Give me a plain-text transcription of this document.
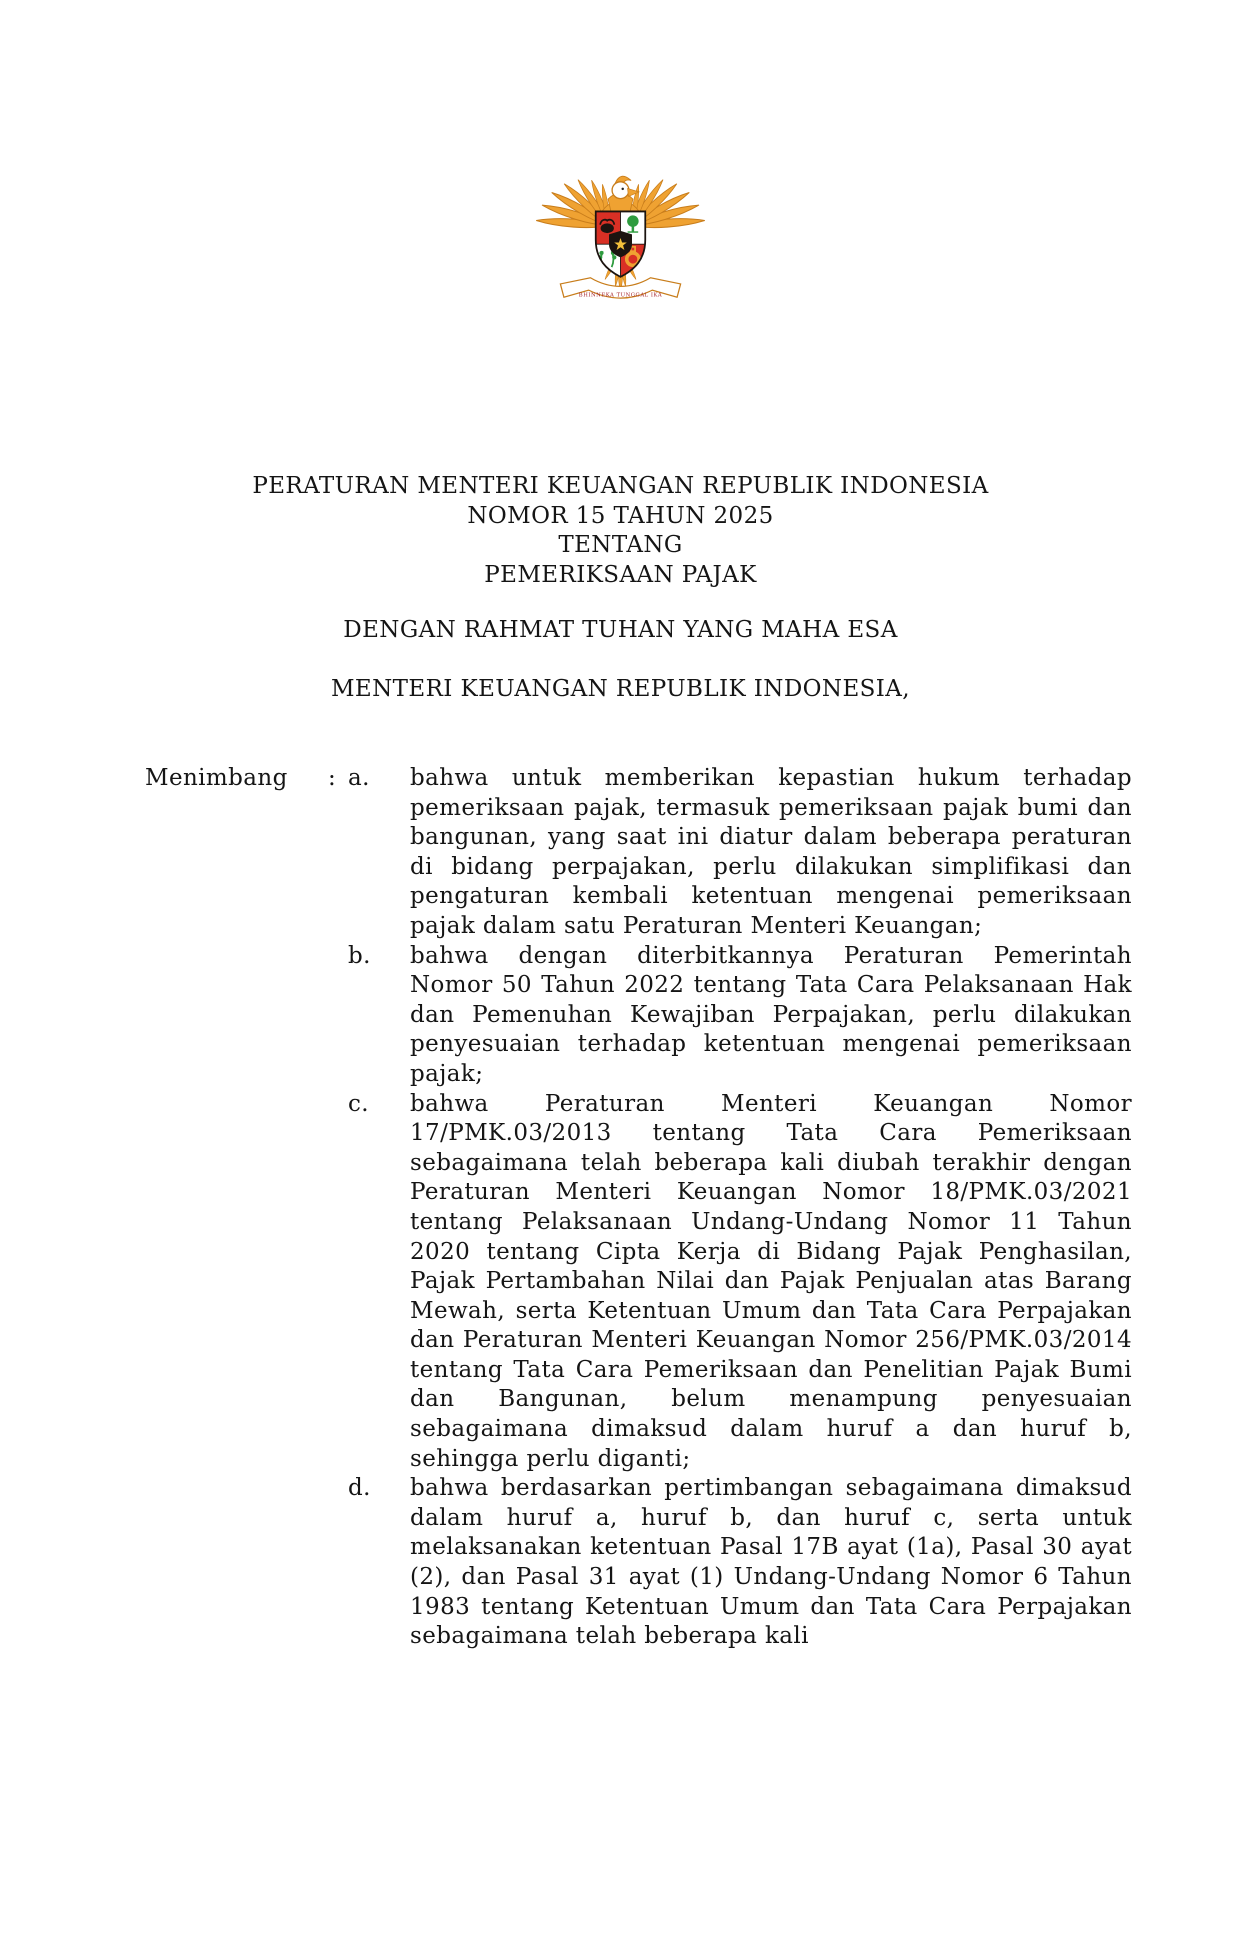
BHINNEKA TUNGGAL IKA
PERATURAN MENTERI KEUANGAN REPUBLIK INDONESIA
NOMOR 15 TAHUN 2025
TENTANG
PEMERIKSAAN PAJAK
DENGAN RAHMAT TUHAN YANG MAHA ESA
MENTERI KEUANGAN REPUBLIK INDONESIA,
Menimbang	: a.	bahwa untuk memberikan kepastian hukum terhadap pemeriksaan pajak, termasuk pemeriksaan pajak bumi dan bangunan, yang saat ini diatur dalam beberapa peraturan di bidang perpajakan, perlu dilakukan simplifikasi dan pengaturan kembali ketentuan mengenai pemeriksaan pajak dalam satu Peraturan Menteri Keuangan;
b.	bahwa dengan diterbitkannya Peraturan Pemerintah Nomor 50 Tahun 2022 tentang Tata Cara Pelaksanaan Hak dan Pemenuhan Kewajiban Perpajakan, perlu dilakukan penyesuaian terhadap ketentuan mengenai pemeriksaan pajak;
c.	bahwa Peraturan Menteri Keuangan Nomor 17/PMK.03/2013 tentang Tata Cara Pemeriksaan sebagaimana telah beberapa kali diubah terakhir dengan Peraturan Menteri Keuangan Nomor 18/PMK.03/2021 tentang Pelaksanaan Undang-Undang Nomor 11 Tahun 2020 tentang Cipta Kerja di Bidang Pajak Penghasilan, Pajak Pertambahan Nilai dan Pajak Penjualan atas Barang Mewah, serta Ketentuan Umum dan Tata Cara Perpajakan dan Peraturan Menteri Keuangan Nomor 256/PMK.03/2014 tentang Tata Cara Pemeriksaan dan Penelitian Pajak Bumi dan Bangunan, belum menampung penyesuaian sebagaimana dimaksud dalam huruf a dan huruf b, sehingga perlu diganti;
d.	bahwa berdasarkan pertimbangan sebagaimana dimaksud dalam huruf a, huruf b, dan huruf c, serta untuk melaksanakan ketentuan Pasal 17B ayat (1a), Pasal 30 ayat (2), dan Pasal 31 ayat (1) Undang-Undang Nomor 6 Tahun 1983 tentang Ketentuan Umum dan Tata Cara Perpajakan sebagaimana telah beberapa kali
